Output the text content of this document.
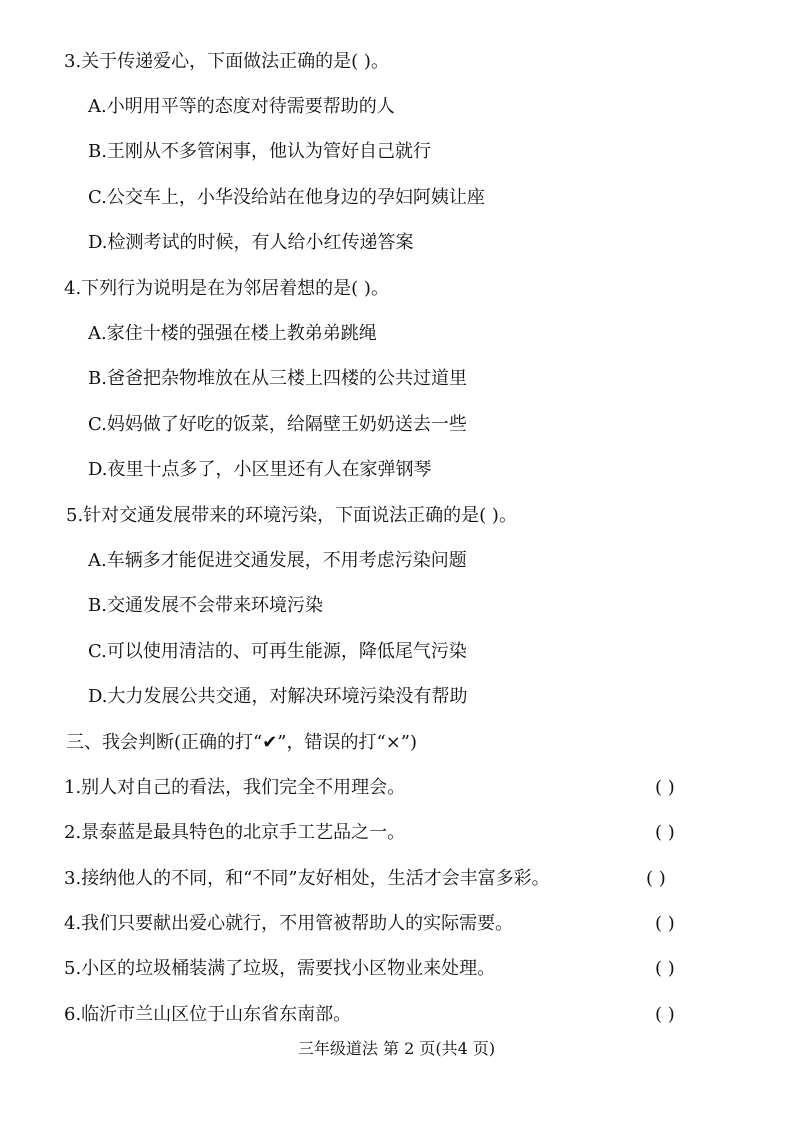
3.关于传递爱心，下面做法正确的是( )。
A.小明用平等的态度对待需要帮助的人
B.王刚从不多管闲事，他认为管好自己就行
C.公交车上，小华没给站在他身边的孕妇阿姨让座
D.检测考试的时候，有人给小红传递答案
4.下列行为说明是在为邻居着想的是( )。
A.家住十楼的强强在楼上教弟弟跳绳
B.爸爸把杂物堆放在从三楼上四楼的公共过道里
C.妈妈做了好吃的饭菜，给隔壁王奶奶送去一些
D.夜里十点多了，小区里还有人在家弹钢琴
5.针对交通发展带来的环境污染，下面说法正确的是( )。
A.车辆多才能促进交通发展，不用考虑污染问题
B.交通发展不会带来环境污染
C.可以使用清洁的、可再生能源，降低尾气污染
D.大力发展公共交通，对解决环境污染没有帮助
三、我会判断(正确的打“✔”，错误的打“×”)
1.别人对自己的看法，我们完全不用理会。	( )
2.景泰蓝是最具特色的北京手工艺品之一。	( )
3.接纳他人的不同，和“不同”友好相处，生活才会丰富多彩。	( )
4.我们只要献出爱心就行，不用管被帮助人的实际需要。	( )
5.小区的垃圾桶装满了垃圾，需要找小区物业来处理。	( )
6.临沂市兰山区位于山东省东南部。	( )
三年级道法 第 2 页(共4 页)
